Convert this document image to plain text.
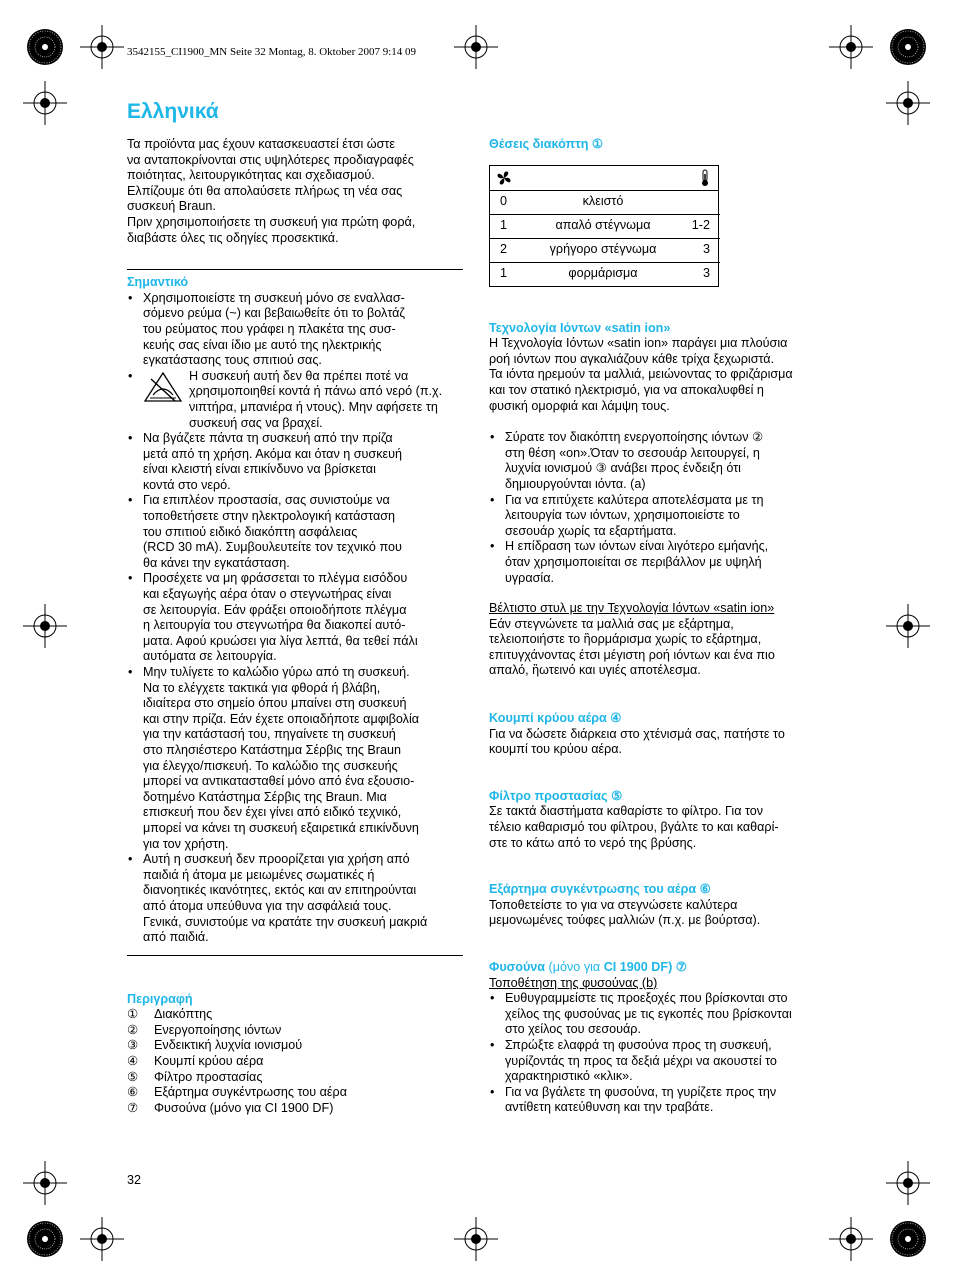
3542155_CI1900_MN Seite 32 Montag, 8. Oktober 2007 9:14 09
Ελληνικά

Τα προϊόντα μας έχουν κατασκευαστεί έτσι ώστε

να ανταποκρίνονται στις υψηλότερες προδιαγραφές

ποιότητας, λειτουργικότητας και σχεδιασμού.

Ελπίζουμε ότι θα απολαύσετε πλήρως τη νέα σας

συσκευή Braun.

Πριν χρησιμοποιήσετε τη συσκευή για πρώτη φορά,

διαβάστε όλες τις οδηγίες προσεκτικά.

Σημαντικό

• Χρησιμοποιείστε τη συσκευή μόνο σε εναλλασ-

σόμενο ρεύμα (~) και βεβαιωθείτε ότι το βολτάζ

του ρεύματος που γράφει η πλακέτα της συσ-

κευής σας είναι ίδιο με αυτό της ηλεκτρικής

εγκατάστασης τους σπιτιού σας.

• Η συσκευή αυτή δεν θα πρέπει ποτέ να

χρησιμοποιηθεί κοντά ή πάνω από νερό (π.χ.

νιπτήρα, μπανιέρα ή ντους). Μην αφήσετε τη

συσκευή σας να βραχεί.

• Να βγάζετε πάντα τη συσκευή από την πρίζα

μετά από τη χρήση. Ακόμα και όταν η συσκευή

είναι κλειστή είναι επικίνδυνο να βρίσκεται

κοντά στο νερό.

• Για επιπλέον προστασία, σας συνιστούμε να

τοποθετήσετε στην ηλεκτρολογική κατάσταση

του σπιτιού ειδικό διακόπτη ασφάλειας

(RCD 30 mA). Συμβουλευτείτε τον τεχνικό που

θα κάνει την εγκατάσταση.

• Προσέχετε να μη φράσσεται το πλέγμα εισόδου

και εξαγωγής αέρα όταν ο στεγνωτήρας είναι

σε λειτουργία. Εάν φράξει οποιοδήποτε πλέγμα

η λειτουργία του στεγνωτήρα θα διακοπεί αυτό-

ματα. Αφού κρυώσει για λίγα λεπτά, θα τεθεί πάλι

αυτόματα σε λειτουργία.

• Μην τυλίγετε το καλώδιο γύρω από τη συσκευή.

Να το ελέγχετε τακτικά για φθορά ή βλάβη,

ιδιαίτερα στο σημείο όπου μπαίνει στη συσκευή

και στην πρίζα. Εάν έχετε οποιαδήποτε αμφιβολία

για την κατάστασή του, πηγαίνετε τη συσκευή

στο πλησιέστερο Κατάστημα Σέρβις της Braun

για έλεγχο/πισκευή. Το καλώδιο της συσκευής

μπορεί να αντικατασταθεί μόνο από ένα εξουσιο-

δοτημένο Κατάστημα Σέρβις της Braun. Μια

επισκευή που δεν έχει γίνει από ειδικό τεχνικό,

μπορεί να κάνει τη συσκευή εξαιρετικά επικίνδυνη

για τον χρήστη.

• Αυτή η συσκευή δεν προορίζεται για χρήση από

παιδιά ή άτομα με μειωμένες σωματικές ή

διανοητικές ικανότητες, εκτός και αν επιτηρούνται

από άτομα υπεύθυνα για την ασφάλειά τους.

Γενικά, συνιστούμε να κρατάτε την συσκευή μακριά

από παιδιά.

Περιγραφή
①	Διακόπτης
②	Ενεργοποίησης ιόντων
③	Ενδεικτική λυχνία ιονισμού
④	Κουμπί κρύου αέρα
⑤	Φίλτρο προστασίας
⑥	Εξάρτημα συγκέντρωσης του αέρα
⑦	Φυσούνα (μόνο για CI 1900 DF)
32
Θέσεις διακόπτη ①
0	κλειστό	
1	απαλό στέγνωμα	1-2
2	γρήγορο στέγνωμα	3
1	φορμάρισμα	3
Τεχνολογία Ιόντων «satin ion»

Η Τεχνολογία Ιόντων «satin ion» παράγει μια πλούσια

ροή ιόντων που αγκαλιάζουν κάθε τρίχα ξεχωριστά.

Τα ιόντα ηρεμούν τα μαλλιά, μειώνοντας το φριζάρισμα

και τον στατικό ηλεκτρισμό, για να αποκαλυφθεί η

φυσική ομορφιά και λάμψη τους.

• Σύρατε τον διακόπτη ενεργοποίησης ιόντων ②

στη θέση «on».Όταν το σεσουάρ λειτουργεί, η

λυχνία ιονισμού ③ ανάβει προς ένδειξη ότι

δημιουργούνται ιόντα. (a)

• Για να επιτύχετε καλύτερα αποτελέσματα με τη

λειτουργία των ιόντων, χρησιμοποιείστε το

σεσουάρ χωρίς τα εξαρτήματα.

• Η επίδραση των ιόντων είναι λιγότερο εμήανής,

όταν χρησιμοποιείται σε περιβάλλον με υψηλή

υγρασία.

Βέλτιστο στυλ με την Τεχνολογία Ιόντων «satin ion»

Εάν στεγνώνετε τα μαλλιά σας με εξάρτημα,

τελειοποιήστε το ἢορμάρισμα χωρίς το εξάρτημα,

επιτυγχάνοντας έτσι μέγιστη ροή ιόντων και ένα πιο

απαλό, ἢωτεινό και υγιές αποτέλεσμα.

Κουμπί κρύου αέρα ④

Για να δώσετε διάρκεια στο χτένισμά σας, πατήστε το

κουμπί του κρύου αέρα.

Φίλτρο προστασίας ⑤

Σε τακτά διαστήματα καθαρίστε το φίλτρο. Για τον

τέλειο καθαρισμό του φίλτρου, βγάλτε το και καθαρί-

στε το κάτω από το νερό της βρύσης.

Εξάρτημα συγκέντρωσης του αέρα ⑥

Τοποθετείστε το για να στεγνώσετε καλύτερα

μεμονωμένες τούφες μαλλιών (π.χ. με βούρτσα).

Φυσούνα (μόνο για CI 1900 DF) ⑦

Τοποθέτηση της φυσούνας (b)

• Ευθυγραμμείστε τις προεξοχές που βρίσκονται στο

χείλος της φυσούνας με τις εγκοπές που βρίσκονται

στο χείλος του σεσουάρ.

• Σπρώξτε ελαφρά τη φυσούνα προς τη συσκευή,

γυρίζοντάς τη προς τα δεξιά μέχρι να ακουστεί το

χαρακτηριστικό «κλικ».

• Για να βγάλετε τη φυσούνα, τη γυρίζετε προς την

αντίθετη κατεύθυνση και την τραβάτε.
